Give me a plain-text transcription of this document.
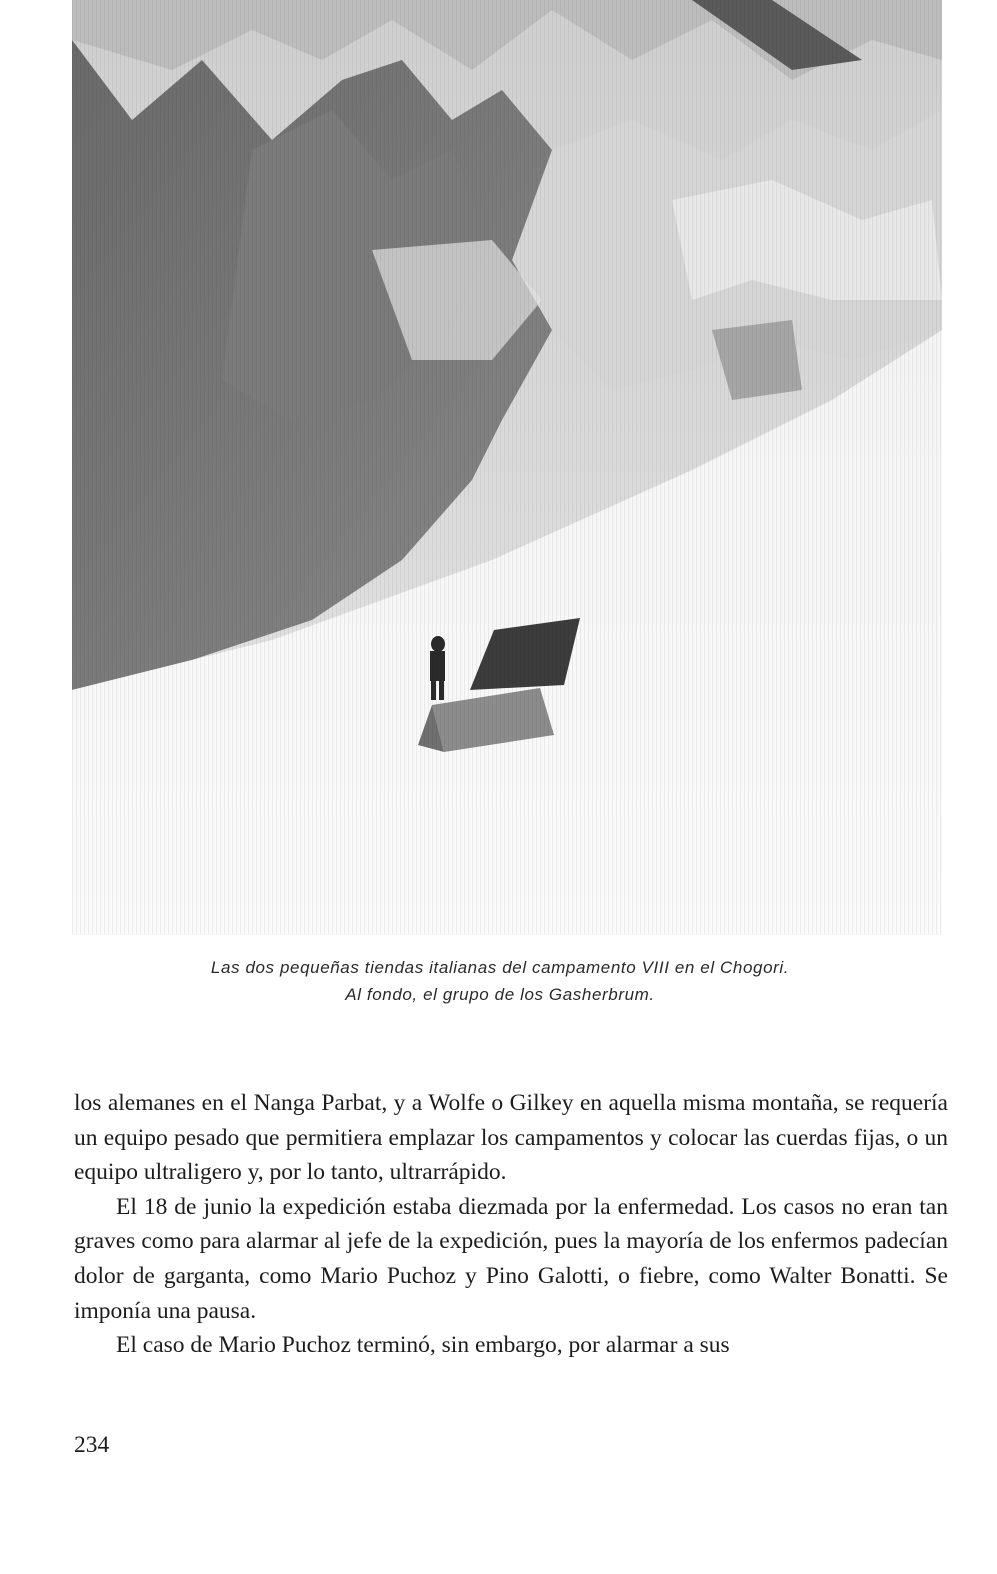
Las dos pequeñas tiendas italianas del campamento VIII en el Chogori.
Al fondo, el grupo de los Gasherbrum.

los alemanes en el Nanga Parbat, y a Wolfe o Gilkey en aquella misma montaña, se requería un equipo pesado que permitiera emplazar los campamentos y colocar las cuerdas fijas, o un equipo ultraligero y, por lo tanto, ultrarrápido.

El 18 de junio la expedición estaba diezmada por la enfermedad. Los casos no eran tan graves como para alarmar al jefe de la expedición, pues la mayoría de los enfermos padecían dolor de garganta, como Mario Puchoz y Pino Galotti, o fiebre, como Walter Bonatti. Se imponía una pausa.

El caso de Mario Puchoz terminó, sin embargo, por alarmar a sus

234
